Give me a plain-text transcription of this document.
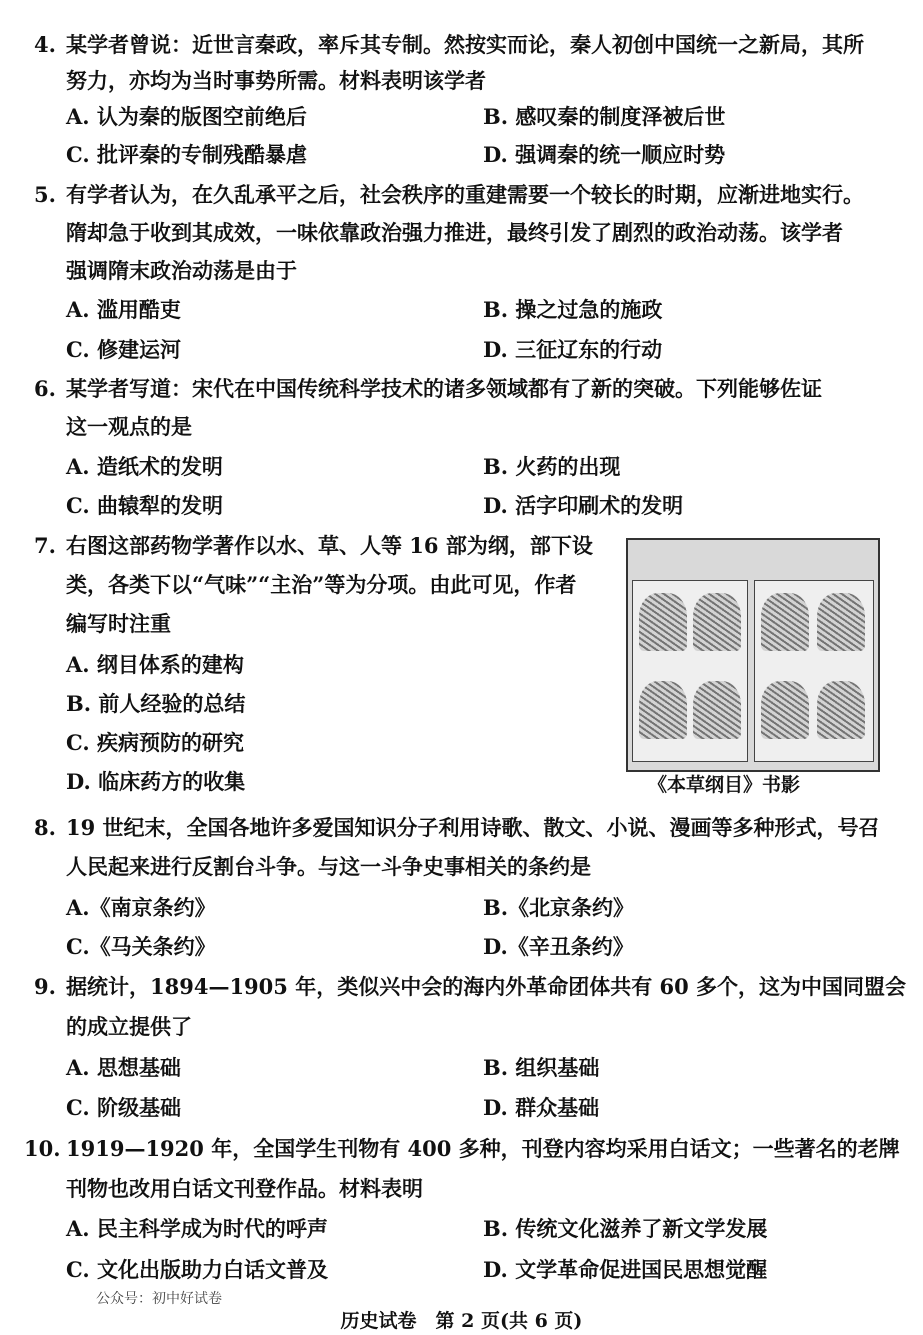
4. 某学者曾说：近世言秦政，率斥其专制。然按实而论，秦人初创中国统一之新局，其所
努力，亦均为当时事势所需。材料表明该学者
A. 认为秦的版图空前绝后	B. 感叹秦的制度泽被后世
C. 批评秦的专制残酷暴虐	D. 强调秦的统一顺应时势
5. 有学者认为，在久乱承平之后，社会秩序的重建需要一个较长的时期，应渐进地实行。
隋却急于收到其成效，一味依靠政治强力推进，最终引发了剧烈的政治动荡。该学者
强调隋末政治动荡是由于
A. 滥用酷吏	B. 操之过急的施政
C. 修建运河	D. 三征辽东的行动
6. 某学者写道：宋代在中国传统科学技术的诸多领域都有了新的突破。下列能够佐证
这一观点的是
A. 造纸术的发明	B. 火药的出现
C. 曲辕犁的发明	D. 活字印刷术的发明
7. 右图这部药物学著作以水、草、人等 16 部为纲，部下设
类，各类下以“气味”“主治”等为分项。由此可见，作者
编写时注重
A. 纲目体系的建构
B. 前人经验的总结
C. 疾病预防的研究
D. 临床药方的收集	《本草纲目》书影
8. 19 世纪末，全国各地许多爱国知识分子利用诗歌、散文、小说、漫画等多种形式，号召
人民起来进行反割台斗争。与这一斗争史事相关的条约是
A.《南京条约》	B.《北京条约》
C.《马关条约》	D.《辛丑条约》
9. 据统计，1894—1905 年，类似兴中会的海内外革命团体共有 60 多个，这为中国同盟会
的成立提供了
A. 思想基础	B. 组织基础
C. 阶级基础	D. 群众基础
10. 1919—1920 年，全国学生刊物有 400 多种，刊登内容均采用白话文；一些著名的老牌
刊物也改用白话文刊登作品。材料表明
A. 民主科学成为时代的呼声	B. 传统文化滋养了新文学发展
C. 文化出版助力白话文普及	D. 文学革命促进国民思想觉醒
公众号：初中好试卷
历史试卷　第 2 页(共 6 页)
